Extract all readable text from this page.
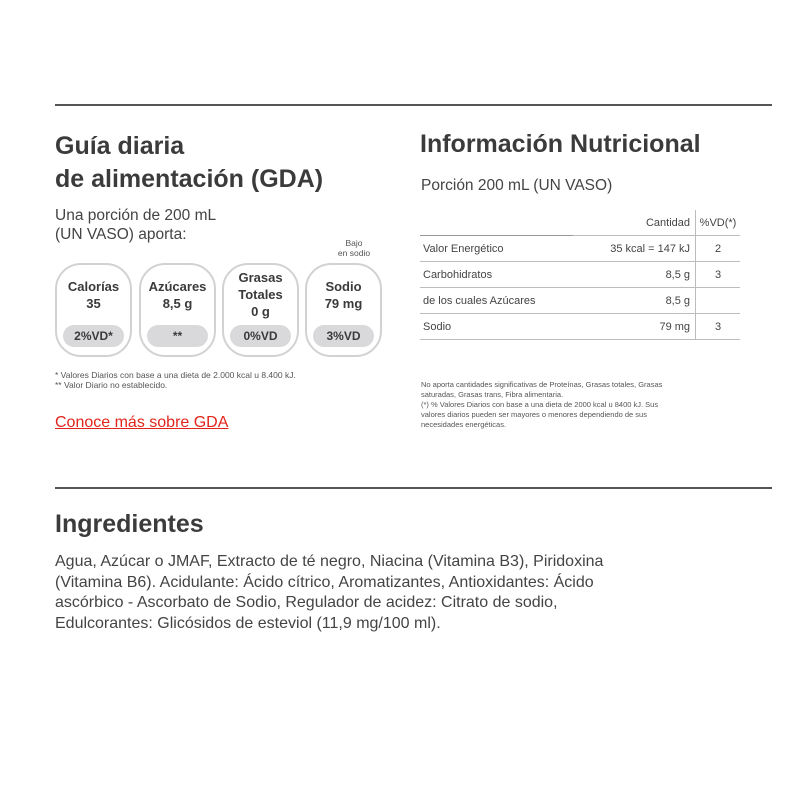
Guía diaria
de alimentación (GDA)
Una porción de 200 mL
(UN VASO) aporta:	Bajo
en sodio
Calorías
35
2%VD*
Azúcares
8,5 g
**
Grasas
Totales
0 g
0%VD
Sodio
79 mg
3%VD
* Valores Diarios con base a una dieta de 2.000 kcal u 8.400 kJ.
** Valor Diario no establecido.
Conoce más sobre GDA
Información Nutricional
Porción 200 mL (UN VASO)
	Cantidad	%VD(*)
Valor Energético	35 kcal = 147 kJ	2
Carbohidratos	8,5 g	3
de los cuales Azúcares	8,5 g	
Sodio	79 mg	3
No aporta cantidades significativas de Proteínas, Grasas totales, Grasas
saturadas, Grasas trans, Fibra alimentaria.
(*) % Valores Diarios con base a una dieta de 2000 kcal u 8400 kJ. Sus
valores diarios pueden ser mayores o menores dependiendo de sus
necesidades energéticas.
Ingredientes
Agua, Azúcar o JMAF, Extracto de té negro, Niacina (Vitamina B3), Piridoxina
(Vitamina B6). Acidulante: Ácido cítrico, Aromatizantes, Antioxidantes: Ácido
ascórbico - Ascorbato de Sodio, Regulador de acidez: Citrato de sodio,
Edulcorantes: Glicósidos de esteviol (11,9 mg/100 ml).
